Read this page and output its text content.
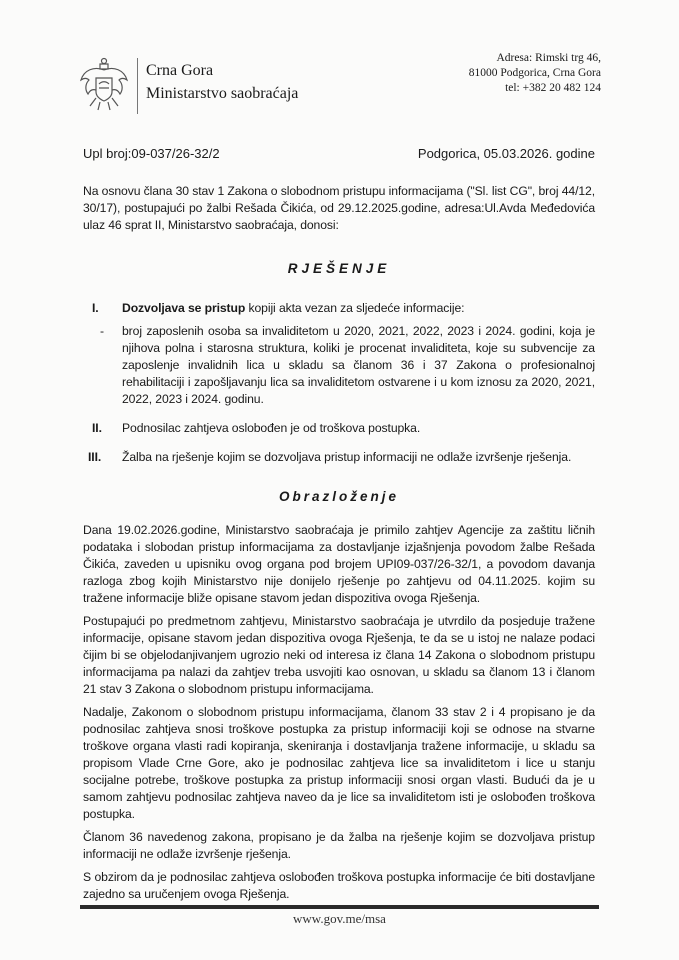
Crna Gora
Ministarstvo saobraćaja
Adresa: Rimski trg 46,
81000 Podgorica, Crna Gora
tel: +382 20 482 124
Upl broj:09-037/26-32/2	Podgorica, 05.03.2026. godine

Na osnovu člana 30 stav 1 Zakona o slobodnom pristupu informacijama ("Sl. list CG", broj 44/12, 30/17), postupajući po žalbi Rešada Čikića, od 29.12.2025.godine, adresa:Ul.Avda Međedovića ulaz 46 sprat II, Ministarstvo saobraćaja, donosi:

RJEŠENJE
I.	Dozvoljava se pristup kopiji akta vezan za sljedeće informacije:
-	broj zaposlenih osoba sa invaliditetom u 2020, 2021, 2022, 2023 i 2024. godini, koja je njihova polna i starosna struktura, koliki je procenat invaliditeta, koje su subvencije za zaposlenje invalidnih lica u skladu sa članom 36 i 37 Zakona o profesionalnoj rehabilitaciji i zapošljavanju lica sa invaliditetom ostvarene i u kom iznosu za 2020, 2021, 2022, 2023 i 2024. godinu.
II.	Podnosilac zahtjeva oslobođen je od troškova postupka.
III.	Žalba na rješenje kojim se dozvoljava pristup informaciji ne odlaže izvršenje rješenja.
Obrazloženje

Dana 19.02.2026.godine, Ministarstvo saobraćaja je primilo zahtjev Agencije za zaštitu ličnih podataka i slobodan pristup informacijama za dostavljanje izjašnjenja povodom žalbe Rešada Čikića, zaveden u upisniku ovog organa pod brojem UPI09-037/26-32/1, a povodom davanja razloga zbog kojih Ministarstvo nije donijelo rješenje po zahtjevu od 04.11.2025. kojim su tražene informacije bliže opisane stavom jedan dispozitiva ovoga Rješenja.

Postupajući po predmetnom zahtjevu, Ministarstvo saobraćaja je utvrdilo da posjeduje tražene informacije, opisane stavom jedan dispozitiva ovoga Rješenja, te da se u istoj ne nalaze podaci čijim bi se objelodanjivanjem ugrozio neki od interesa iz člana 14 Zakona o slobodnom pristupu informacijama pa nalazi da zahtjev treba usvojiti kao osnovan, u skladu sa članom 13 i članom 21 stav 3 Zakona o slobodnom pristupu informacijama.

Nadalje, Zakonom o slobodnom pristupu informacijama, članom 33 stav 2 i 4 propisano je da podnosilac zahtjeva snosi troškove postupka za pristup informaciji koji se odnose na stvarne troškove organa vlasti radi kopiranja, skeniranja i dostavljanja tražene informacije, u skladu sa propisom Vlade Crne Gore, ako je podnosilac zahtjeva lice sa invaliditetom i lice u stanju socijalne potrebe, troškove postupka za pristup informaciji snosi organ vlasti. Budući da je u samom zahtjevu podnosilac zahtjeva naveo da je lice sa invaliditetom isti je oslobođen troškova postupka.

Članom 36 navedenog zakona, propisano je da žalba na rješenje kojim se dozvoljava pristup informaciji ne odlaže izvršenje rješenja.

S obzirom da je podnosilac zahtjeva oslobođen troškova postupka informacije će biti dostavljane zajedno sa uručenjem ovoga Rješenja.

www.gov.me/msa
